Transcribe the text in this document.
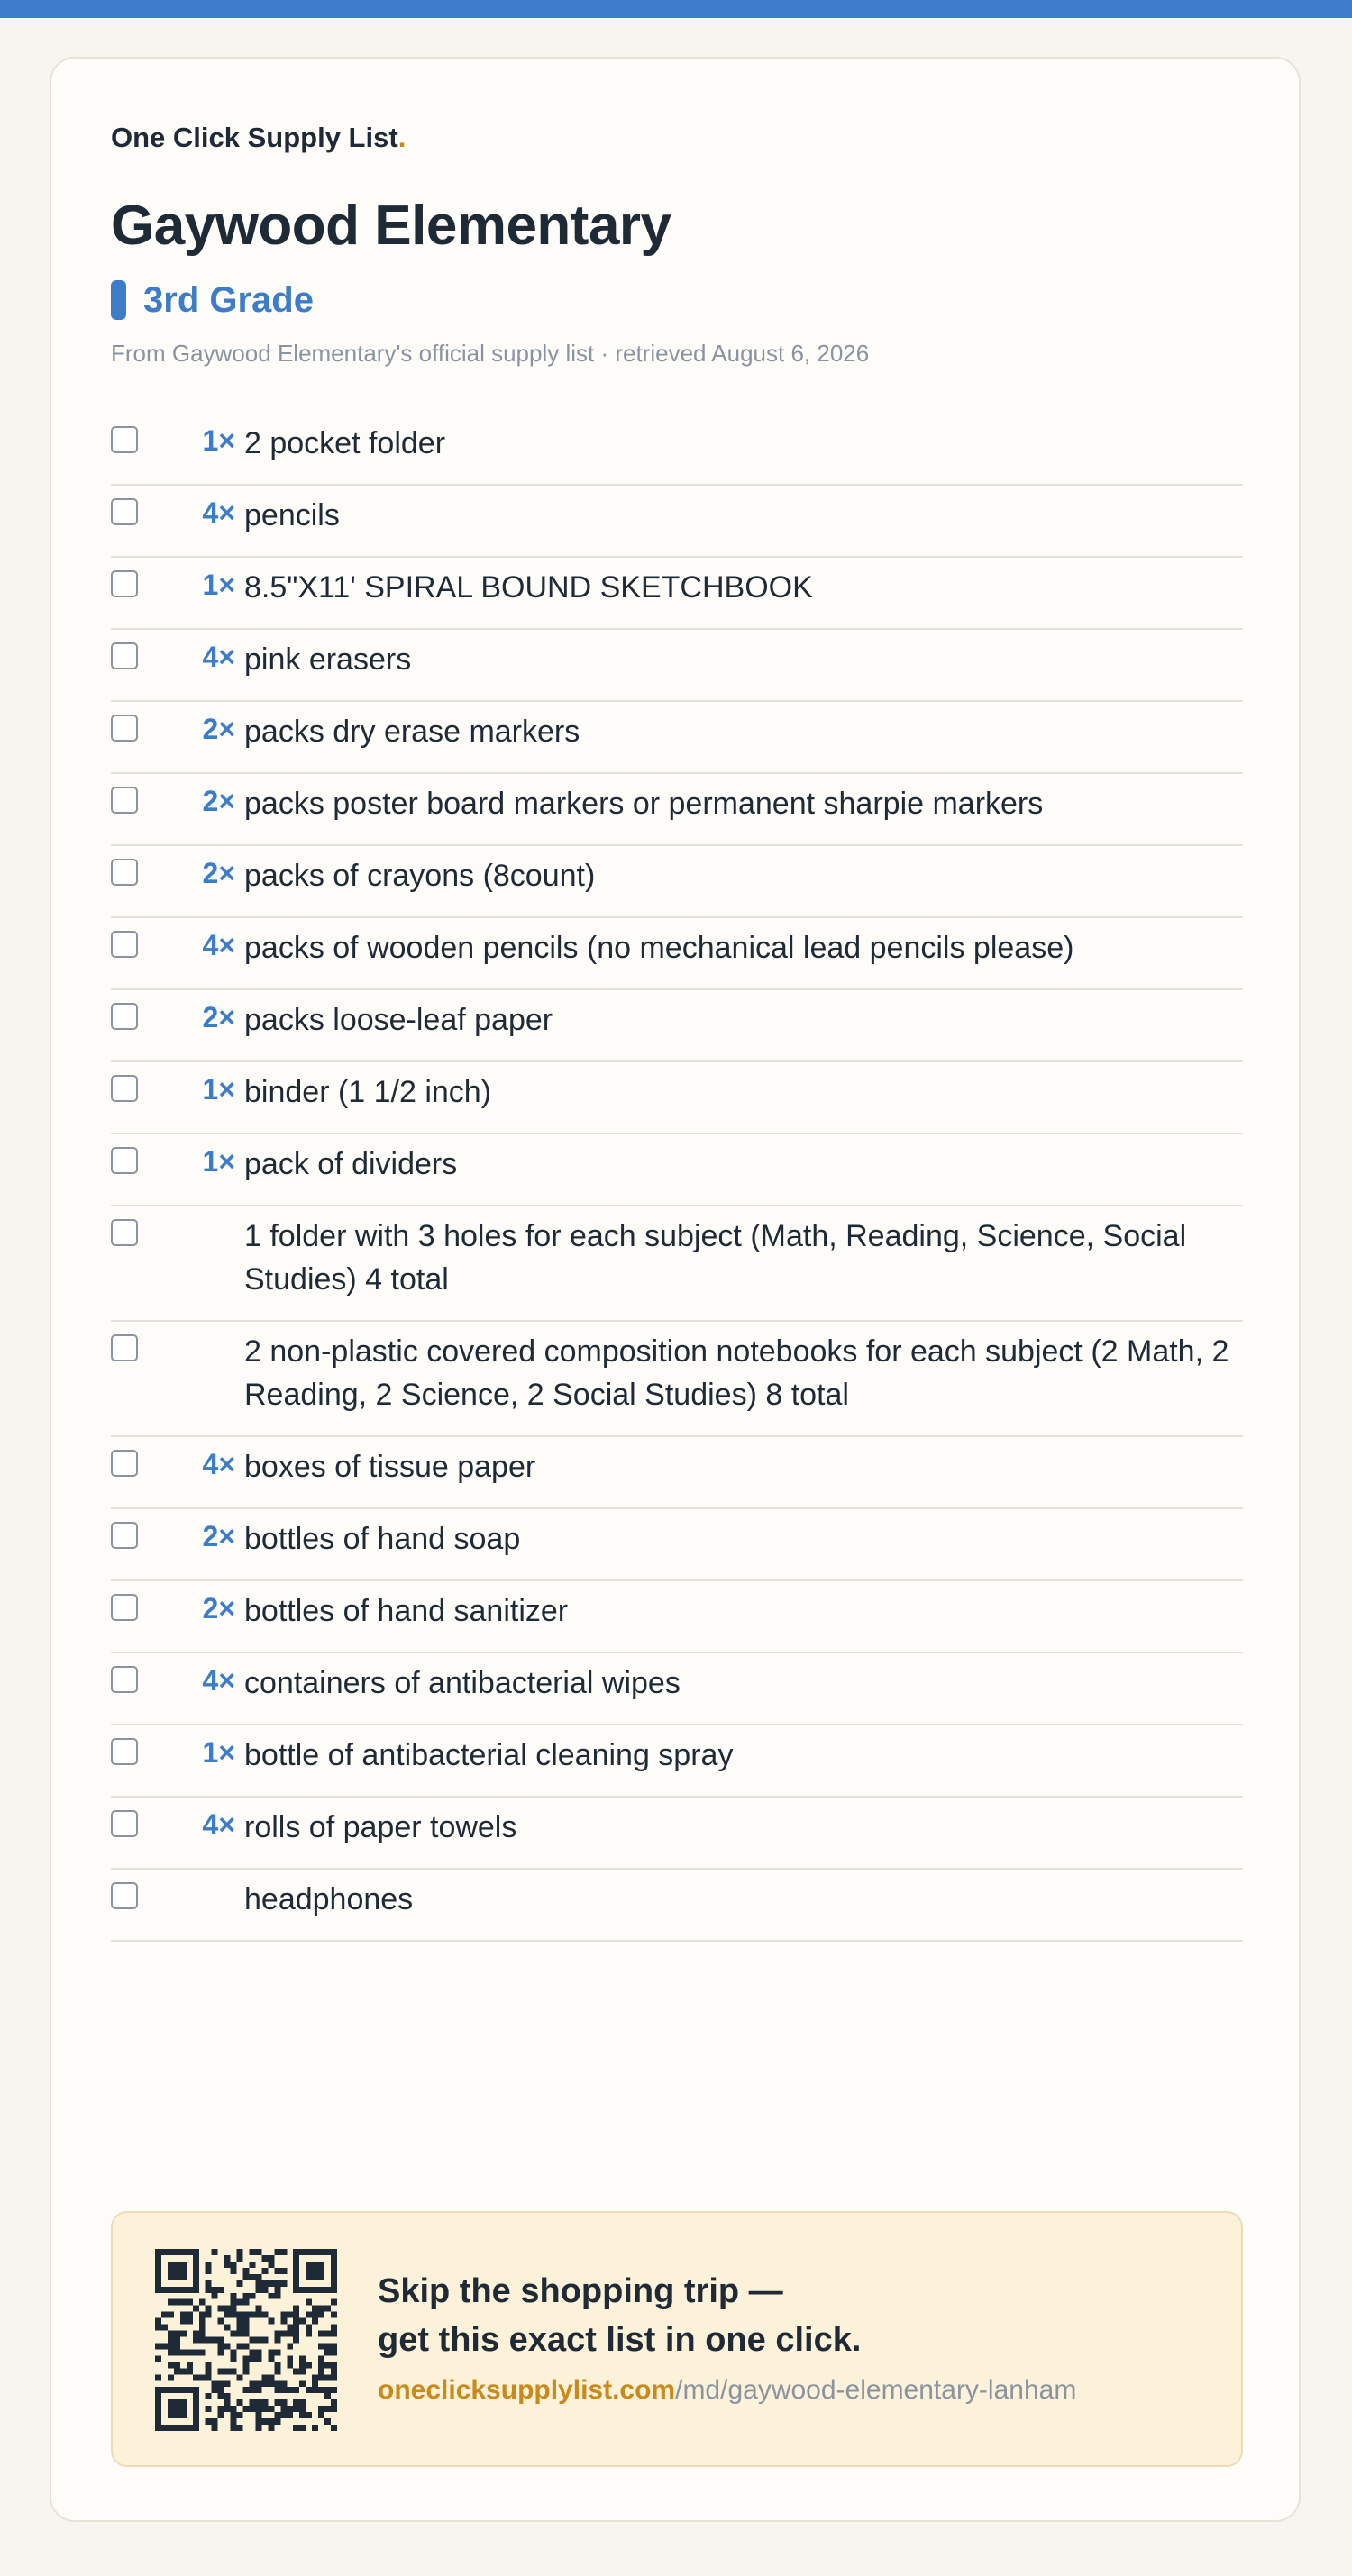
One Click Supply List.
Gaywood Elementary
3rd Grade
From Gaywood Elementary's official supply list · retrieved August 6, 2026
1× 2 pocket folder
4× pencils
1× 8.5"X11' SPIRAL BOUND SKETCHBOOK
4× pink erasers
2× packs dry erase markers
2× packs poster board markers or permanent sharpie markers
2× packs of crayons (8count)
4× packs of wooden pencils (no mechanical lead pencils please)
2× packs loose-leaf paper
1× binder (1 1/2 inch)
1× pack of dividers
1 folder with 3 holes for each subject (Math, Reading, Science, Social Studies) 4 total
2 non-plastic covered composition notebooks for each subject (2 Math, 2 Reading, 2 Science, 2 Social Studies) 8 total
4× boxes of tissue paper
2× bottles of hand soap
2× bottles of hand sanitizer
4× containers of antibacterial wipes
1× bottle of antibacterial cleaning spray
4× rolls of paper towels
headphones
Skip the shopping trip —
get this exact list in one click.
oneclicksupplylist.com/md/gaywood-elementary-lanham
